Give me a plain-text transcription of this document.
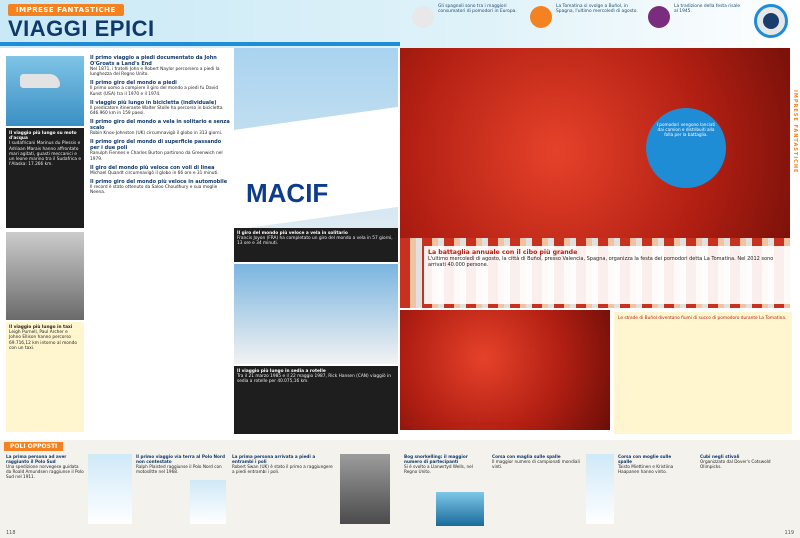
IMPRESE FANTASTICHE
VIAGGI EPICI
Gli spagnoli sono tra i maggiori consumatori di pomodori in Europa.
La Tomatina si svolge a Buñol, in Spagna, l'ultimo mercoledì di agosto.
La tradizione della festa risale al 1945.
IMPRESE FANTASTICHE
Il viaggio più lungo su moto d'acqua
I sudafricani Marinus du Plessis e Adriaan Marais hanno affrontato mari agitati, guasti meccanici e un leone marino tra il Sudafrica e l'Alaska: 17.266 km.
Il viaggio più lungo in taxi
Leigh Purnell, Paul Archer e Johno Ellison hanno percorso 69.716,12 km intorno al mondo con un taxi.
Il primo viaggio a piedi documentato da John O'Groats a Land's End

Nel 1871, i fratelli John e Robert Naylor percorsero a piedi la lunghezza del Regno Unito.

Il primo giro del mondo a piedi

Il primo uomo a compiere il giro del mondo a piedi fu David Kunst (USA) tra il 1970 e il 1974.

Il viaggio più lungo in bicicletta (individuale)

Il predicatore itinerante Walter Stolle ha percorso in bicicletta 646.960 km in 159 paesi.

Il primo giro del mondo a vela in solitario e senza scalo

Robin Knox-Johnston (UK) circumnavigò il globo in 313 giorni.

Il primo giro del mondo di superficie passando per i due poli

Ranulph Fiennes e Charles Burton partirono da Greenwich nel 1979.

Il giro del mondo più veloce con voli di linea

Michael Quandt circumnavigò il globo in 66 ore e 31 minuti.

Il primo giro del mondo più veloce in automobile

Il record è stato ottenuto da Saloo Choudhury e sua moglie Neena.	MACIF
Il giro del mondo più veloce a vela in solitario
Francis Joyon (FRA) ha completato un giro del mondo a vela in 57 giorni, 13 ore e 34 minuti.
Il viaggio più lungo in sedia a rotelle
Tra il 21 marzo 1985 e il 22 maggio 1987, Rick Hansen (CAN) viaggiò in sedia a rotelle per 40.075,16 km.
I pomodori vengono lanciati dai camion e distribuiti alla folla per la battaglia.
La battaglia annuale con il cibo più grande
L'ultimo mercoledì di agosto, la città di Buñol, presso Valencia, Spagna, organizza la festa dei pomodori detta La Tomatina. Nel 2012 sono arrivati 40.000 persone.
A Buñol avvengono camion carichi di pomodori, spinti dalla folla.
Le strade di Buñol diventano fiumi di succo di pomodoro durante La Tomatina.
POLI OPPOSTI
La prima persona ad aver raggiunto il Polo Sud
Una spedizione norvegese guidata da Roald Amundsen raggiunse il Polo Sud nel 1911.
Il primo viaggio via terra al Polo Nord non contestato
Ralph Plaisted raggiunse il Polo Nord con motoslitte nel 1968.
La prima persona arrivata a piedi a entrambi i poli
Robert Swan (UK) è stato il primo a raggiungere a piedi entrambi i poli.
Bog snorkelling: il maggior numero di partecipanti
Si è svolto a Llanwrtyd Wells, nel Regno Unito.
Corsa con maglia sulle spalle
Il maggior numero di campionati mondiali vinti.
Corsa con moglie sulle spalle
Taisto Miettinen e Kristiina Haapanen hanno vinto.
Cubi negli stivali
Organizzato dal Dover's Cotswold Olimpicks.
118	119
